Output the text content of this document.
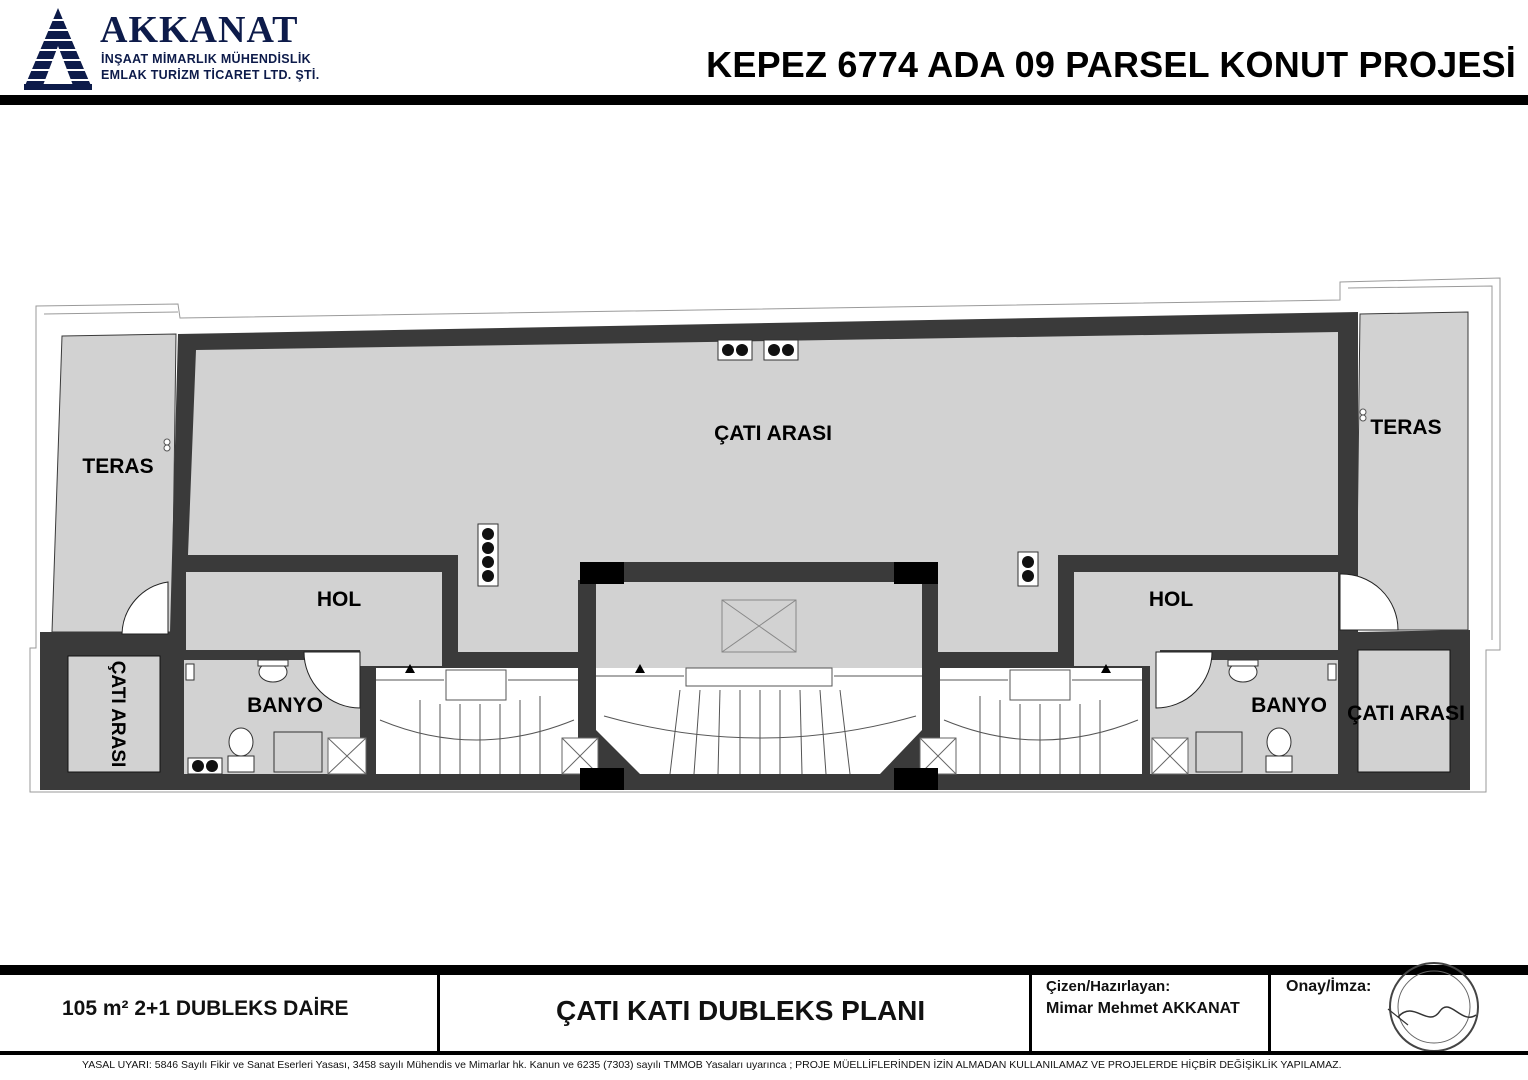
AKKANAT
İNŞAAT MİMARLIK MÜHENDİSLİK
EMLAK TURİZM TİCARET LTD. ŞTİ.	KEPEZ 6774 ADA 09 PARSEL KONUT PROJESİ
ÇATI ARASI
TERAS
TERAS
HOL	HOL
BANYO	BANYO ÇATI ARASI
ÇATI ARASI
105 m² 2+1 DUBLEKS DAİRE	ÇATI KATI DUBLEKS PLANI
Çizen/Hazırlayan:
Mimar Mehmet AKKANAT
Onay/İmza:
YASAL UYARI: 5846 Sayılı Fikir ve Sanat Eserleri Yasası, 3458 sayılı Mühendis ve Mimarlar hk. Kanun ve 6235 (7303) sayılı TMMOB Yasaları uyarınca ; PROJE MÜELLİFLERİNDEN İZİN ALMADAN KULLANILAMAZ VE PROJELERDE HİÇBİR DEĞİŞİKLİK YAPILAMAZ.
